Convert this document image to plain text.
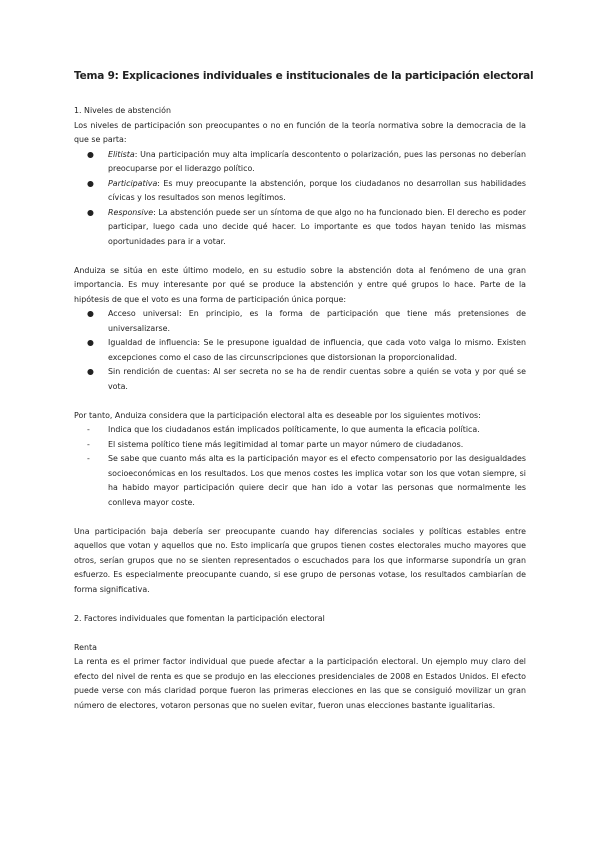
Tema 9: Explicaciones individuales e institucionales de la participación electoral

1. Niveles de abstención

Los niveles de participación son preocupantes o no en función de la teoría normativa sobre la democracia de la que se parta:

● Elitista: Una participación muy alta implicaría descontento o polarización, pues las personas no deberían preocuparse por el liderazgo político.
● Participativa: Es muy preocupante la abstención, porque los ciudadanos no desarrollan sus habilidades cívicas y los resultados son menos legítimos.
● Responsive: La abstención puede ser un síntoma de que algo no ha funcionado bien. El derecho es poder participar, luego cada uno decide qué hacer. Lo importante es que todos hayan tenido las mismas oportunidades para ir a votar.

Anduiza se sitúa en este último modelo, en su estudio sobre la abstención dota al fenómeno de una gran importancia. Es muy interesante por qué se produce la abstención y entre qué grupos lo hace. Parte de la hipótesis de que el voto es una forma de participación única porque:

● Acceso universal: En principio, es la forma de participación que tiene más pretensiones de universalizarse.
● Igualdad de influencia: Se le presupone igualdad de influencia, que cada voto valga lo mismo. Existen excepciones como el caso de las circunscripciones que distorsionan la proporcionalidad.
● Sin rendición de cuentas: Al ser secreta no se ha de rendir cuentas sobre a quién se vota y por qué se vota.

Por tanto, Anduiza considera que la participación electoral alta es deseable por los siguientes motivos:

- Indica que los ciudadanos están implicados políticamente, lo que aumenta la eficacia política.
- El sistema político tiene más legitimidad al tomar parte un mayor número de ciudadanos.
- Se sabe que cuanto más alta es la participación mayor es el efecto compensatorio por las desigualdades socioeconómicas en los resultados. Los que menos costes les implica votar son los que votan siempre, si ha habido mayor participación quiere decir que han ido a votar las personas que normalmente les conlleva mayor coste.

Una participación baja debería ser preocupante cuando hay diferencias sociales y políticas estables entre aquellos que votan y aquellos que no. Esto implicaría que grupos tienen costes electorales mucho mayores que otros, serían grupos que no se sienten representados o escuchados para los que informarse supondría un gran esfuerzo. Es especialmente preocupante cuando, si ese grupo de personas votase, los resultados cambiarían de forma significativa.

2. Factores individuales que fomentan la participación electoral

Renta

La renta es el primer factor individual que puede afectar a la participación electoral. Un ejemplo muy claro del efecto del nivel de renta es que se produjo en las elecciones presidenciales de 2008 en Estados Unidos. El efecto puede verse con más claridad porque fueron las primeras elecciones en las que se consiguió movilizar un gran número de electores, votaron personas que no suelen evitar, fueron unas elecciones bastante igualitarias.
